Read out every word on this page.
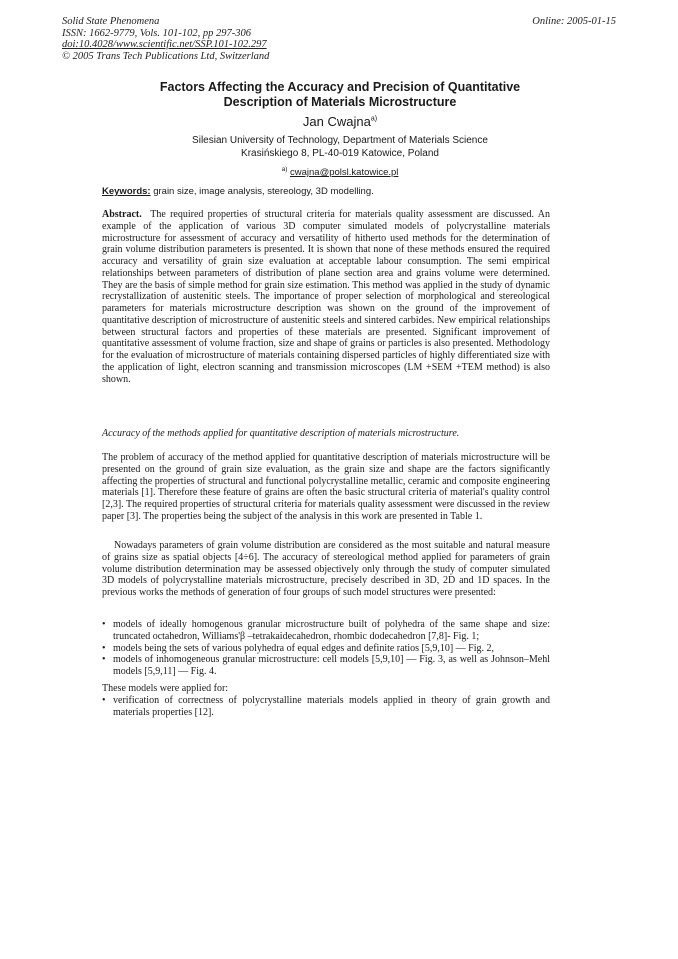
Solid State Phenomena
ISSN: 1662-9779, Vols. 101-102, pp 297-306
doi:10.4028/www.scientific.net/SSP.101-102.297
© 2005 Trans Tech Publications Ltd, Switzerland
Online: 2005-01-15
Factors Affecting the Accuracy and Precision of Quantitative
Description of Materials Microstructure
Jan Cwajna$^{a)}$
Silesian University of Technology, Department of Materials Science
Krasińskiego 8, PL-40-019 Katowice, Poland
$^{a)}$ cwajna@polsl.katowice.pl
Keywords: grain size, image analysis, stereology, 3D modelling.

Abstract. The required properties of structural criteria for materials quality assessment are discussed. An example of the application of various 3D computer simulated models of polycrystalline materials microstructure for assessment of accuracy and versatility of hitherto used methods for the determination of grain volume distribution parameters is presented. It is shown that none of these methods ensured the required accuracy and versatility of grain size evaluation at acceptable labour consumption. The semi empirical relationships between parameters of distribution of plane section area and grains volume were determined. They are the basis of simple method for grain size estimation. This method was applied in the study of dynamic recrystallization of austenitic steels. The importance of proper selection of morphological and stereological parameters for materials microstructure description was shown on the ground of the improvement of quantitative description of microstructure of austenitic steels and sintered carbides. New empirical relationships between structural factors and properties of these materials are presented. Significant improvement of quantitative assessment of volume fraction, size and shape of grains or particles is also presented. Methodology for the evaluation of microstructure of materials containing dispersed particles of highly differentiated size with the application of light, electron scanning and transmission microscopes (LM +SEM +TEM method) is also shown.

Accuracy of the methods applied for quantitative description of materials microstructure.

The problem of accuracy of the method applied for quantitative description of materials microstructure will be presented on the ground of grain size evaluation, as the grain size and shape are the factors significantly affecting the properties of structural and functional polycrystalline metallic, ceramic and composite engineering materials [1]. Therefore these feature of grains are often the basic structural criteria of material's quality control [2,3]. The required properties of structural criteria for materials quality assessment were discussed in the review paper [3]. The properties being the subject of the analysis in this work are presented in Table 1.

Nowadays parameters of grain volume distribution are considered as the most suitable and natural measure of grains size as spatial objects [4÷6]. The accuracy of stereological method applied for parameters of grain volume distribution determination may be assessed objectively only through the study of computer simulated 3D models of polycrystalline materials microstructure, precisely described in 3D, 2D and 1D spaces. In the previous works the methods of generation of four groups of such model structures were presented:

• models of ideally homogenous granular microstructure built of polyhedra of the same shape and size: truncated octahedron, Williams'β –tetrakaidecahedron, rhombic dodecahedron [7,8]- Fig. 1;
• models being the sets of various polyhedra of equal edges and definite ratios [5,9,10] — Fig. 2,
• models of inhomogeneous granular microstructure: cell models [5,9,10] — Fig. 3, as well as Johnson–Mehl models [5,9,11] — Fig. 4.
These models were applied for:
• verification of correctness of polycrystalline materials models applied in theory of grain growth and materials properties [12].
